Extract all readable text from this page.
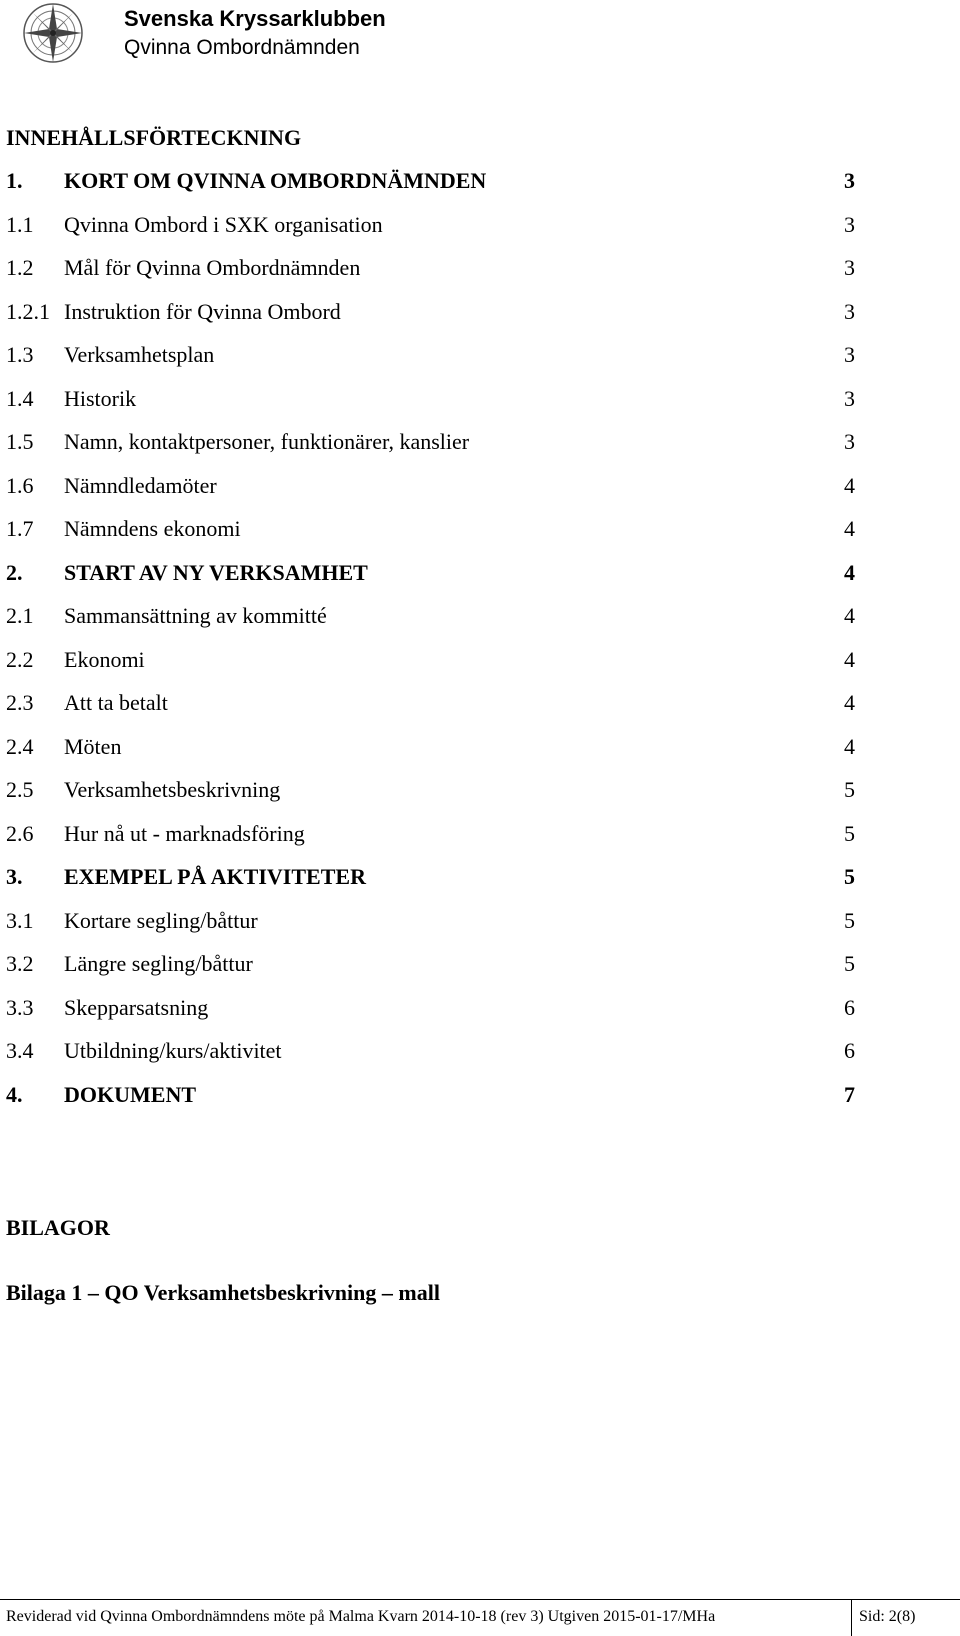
Svenska Kryssarklubben
Qvinna Ombordnämnden
INNEHÅLLSFÖRTECKNING
1. KORT OM QVINNA OMBORDNÄMNDEN	3
1.1 Qvinna Ombord i SXK organisation	3
1.2 Mål för Qvinna Ombordnämnden	3
1.2.1 Instruktion för Qvinna Ombord	3
1.3 Verksamhetsplan	3
1.4 Historik	3
1.5 Namn, kontaktpersoner, funktionärer, kanslier	3
1.6 Nämndledamöter	4
1.7 Nämndens ekonomi	4
2. START AV NY VERKSAMHET	4
2.1 Sammansättning av kommitté	4
2.2 Ekonomi	4
2.3 Att ta betalt	4
2.4 Möten	4
2.5 Verksamhetsbeskrivning	5
2.6 Hur nå ut - marknadsföring	5
3. EXEMPEL PÅ AKTIVITETER	5
3.1 Kortare segling/båttur	5
3.2 Längre segling/båttur	5
3.3 Skepparsatsning	6
3.4 Utbildning/kurs/aktivitet	6
4. DOKUMENT	7
BILAGOR
Bilaga 1 – QO Verksamhetsbeskrivning – mall
Reviderad vid Qvinna Ombordnämndens möte på Malma Kvarn 2014-10-18 (rev 3) Utgiven 2015-01-17/MHa	Sid: 2(8)
